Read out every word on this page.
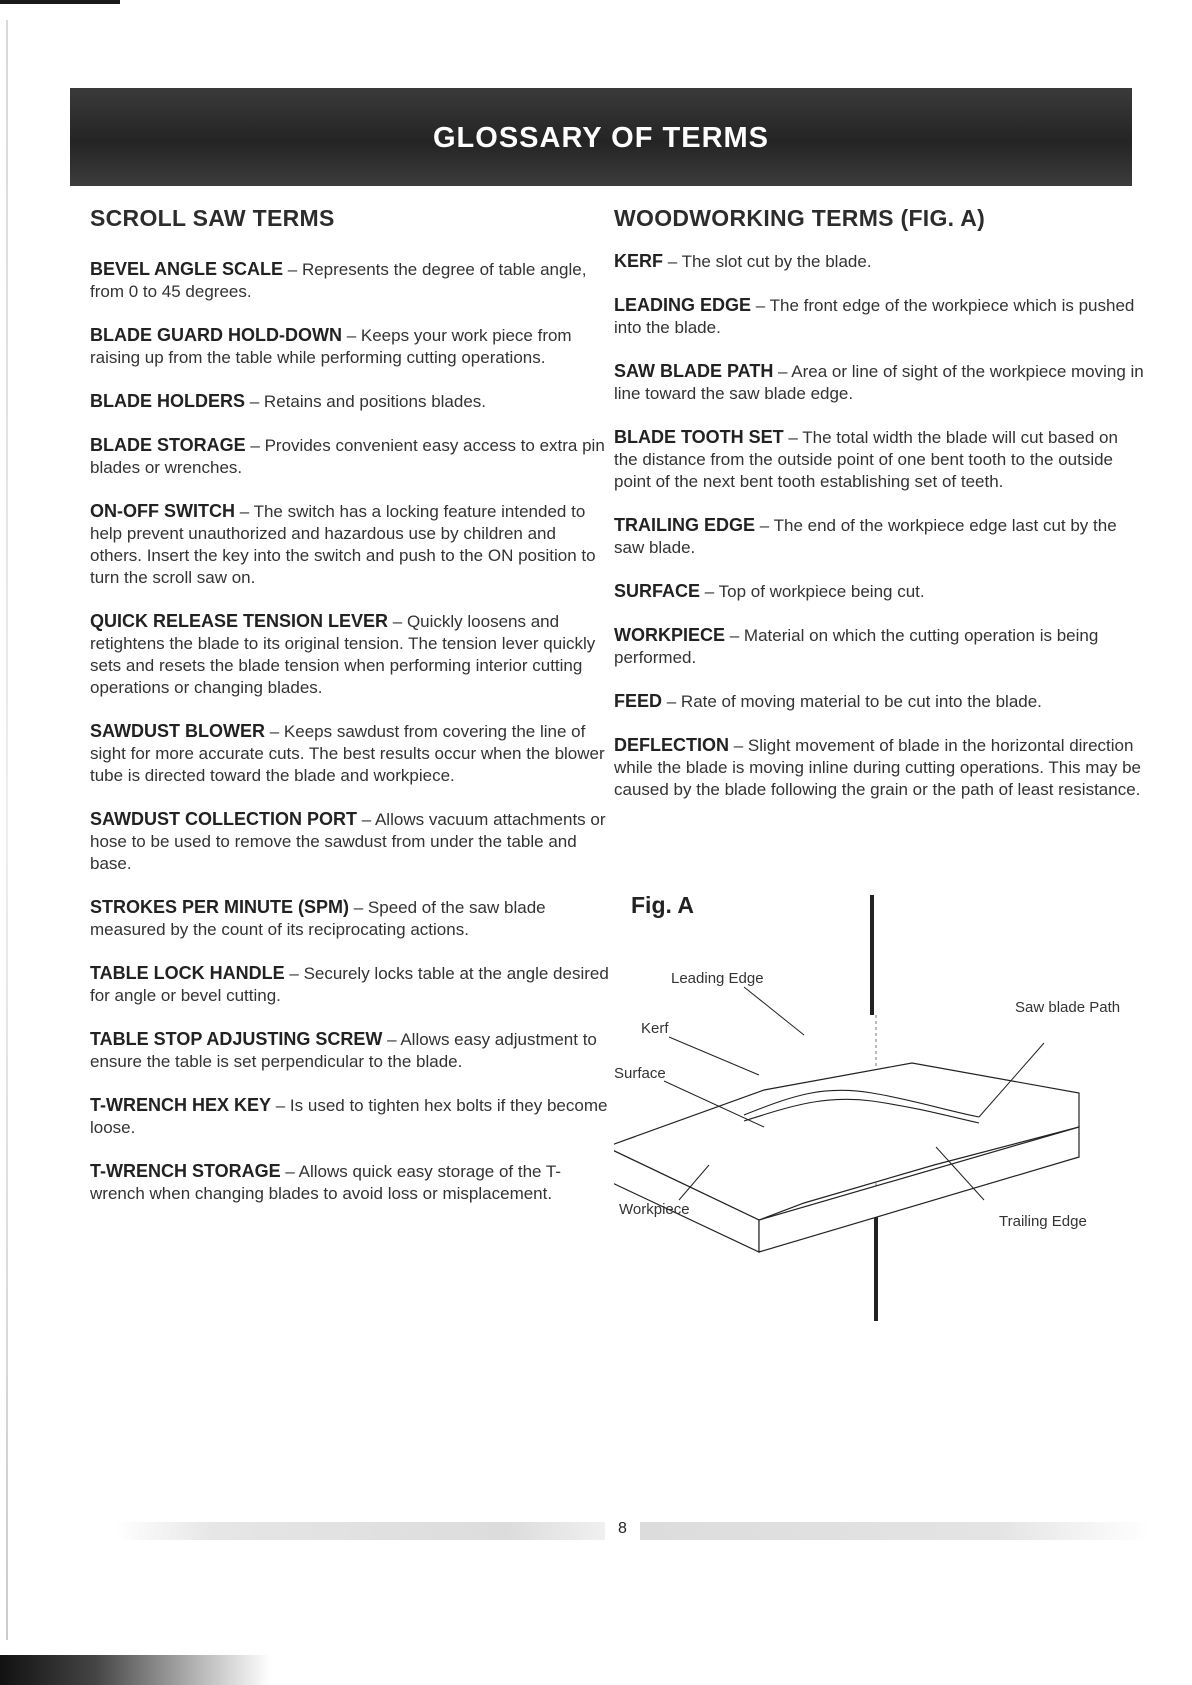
GLOSSARY OF TERMS
SCROLL SAW TERMS

BEVEL ANGLE SCALE – Represents the degree of table angle, from 0 to 45 degrees.

BLADE GUARD HOLD-DOWN – Keeps your work piece from raising up from the table while performing cutting operations.

BLADE HOLDERS – Retains and positions blades.

BLADE STORAGE – Provides convenient easy access to extra pin blades or wrenches.

ON-OFF SWITCH – The switch has a locking feature intended to help prevent unauthorized and hazardous use by children and others. Insert the key into the switch and push to the ON position to turn the scroll saw on.

QUICK RELEASE TENSION LEVER – Quickly loosens and retightens the blade to its original tension. The tension lever quickly sets and resets the blade tension when performing interior cutting operations or changing blades.

SAWDUST BLOWER – Keeps sawdust from covering the line of sight for more accurate cuts. The best results occur when the blower tube is directed toward the blade and workpiece.

SAWDUST COLLECTION PORT – Allows vacuum attachments or hose to be used to remove the sawdust from under the table and base.

STROKES PER MINUTE (SPM) – Speed of the saw blade measured by the count of its reciprocating actions.

TABLE LOCK HANDLE – Securely locks table at the angle desired for angle or bevel cutting.

TABLE STOP ADJUSTING SCREW – Allows easy adjustment to ensure the table is set perpendicular to the blade.

T-WRENCH HEX KEY – Is used to tighten hex bolts if they become loose.

T-WRENCH STORAGE – Allows quick easy storage of the T-wrench when changing blades to avoid loss or misplacement.

WOODWORKING TERMS (FIG. A)

KERF – The slot cut by the blade.

LEADING EDGE – The front edge of the workpiece which is pushed into the blade.

SAW BLADE PATH – Area or line of sight of the workpiece moving in line toward the saw blade edge.

BLADE TOOTH SET – The total width the blade will cut based on the distance from the outside point of one bent tooth to the outside point of the next bent tooth establishing set of teeth.

TRAILING EDGE – The end of the workpiece edge last cut by the saw blade.

SURFACE – Top of workpiece being cut.

WORKPIECE – Material on which the cutting operation is being performed.

FEED – Rate of moving material to be cut into the blade.

DEFLECTION – Slight movement of blade in the horizontal direction while the blade is moving inline during cutting operations. This may be caused by the blade following the grain or the path of least resistance.

Fig. A
Leading Edge
Saw blade Path
Kerf
Surface
Workpiece
Trailing Edge
8
